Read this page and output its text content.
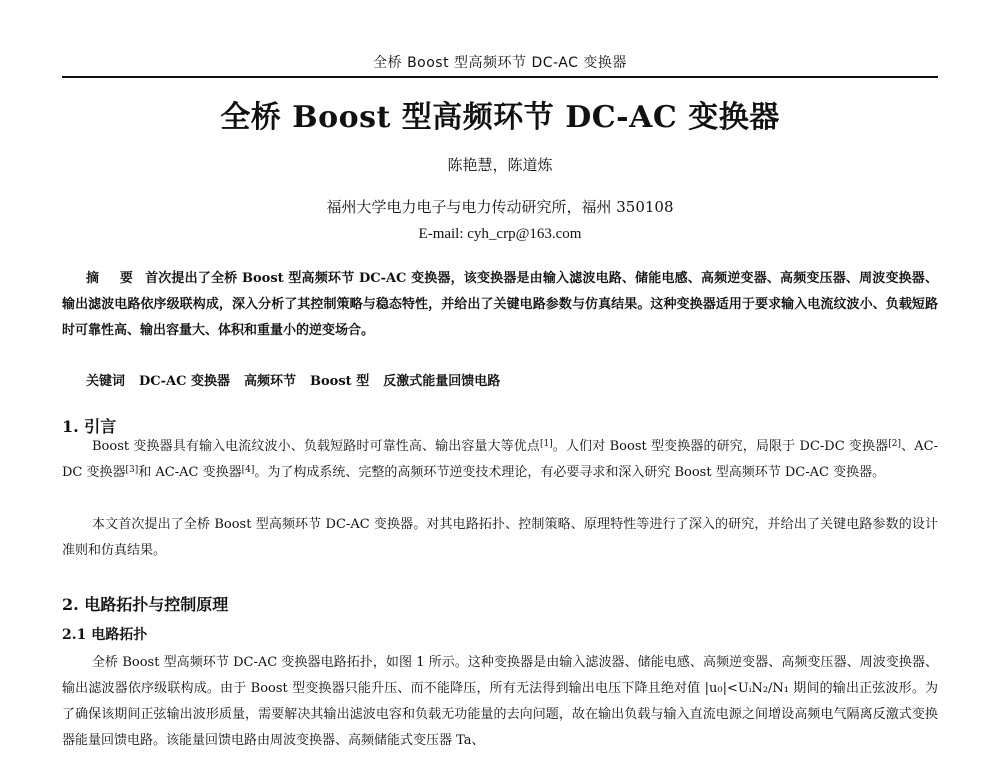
全桥 Boost 型高频环节 DC-AC 变换器
全桥 Boost 型高频环节 DC-AC 变换器
陈艳慧，陈道炼
福州大学电力电子与电力传动研究所，福州 350108
E-mail: cyh_crp@163.com
摘 要 首次提出了全桥 Boost 型高频环节 DC-AC 变换器，该变换器是由输入滤波电路、储能电感、高频逆变器、高频变压器、周波变换器、输出滤波电路依序级联构成，深入分析了其控制策略与稳态特性，并给出了关键电路参数与仿真结果。这种变换器适用于要求输入电流纹波小、负载短路时可靠性高、输出容量大、体积和重量小的逆变场合。
关键词 DC-AC 变换器 高频环节 Boost 型 反激式能量回馈电路
1. 引言
Boost 变换器具有输入电流纹波小、负载短路时可靠性高、输出容量大等优点[1]。人们对 Boost 型变换器的研究，局限于 DC-DC 变换器[2]、AC-DC 变换器[3]和 AC-AC 变换器[4]。为了构成系统、完整的高频环节逆变技术理论，有必要寻求和深入研究 Boost 型高频环节 DC-AC 变换器。
本文首次提出了全桥 Boost 型高频环节 DC-AC 变换器。对其电路拓扑、控制策略、原理特性等进行了深入的研究，并给出了关键电路参数的设计准则和仿真结果。
2. 电路拓扑与控制原理
2.1 电路拓扑
全桥 Boost 型高频环节 DC-AC 变换器电路拓扑，如图 1 所示。这种变换器是由输入滤波器、储能电感、高频逆变器、高频变压器、周波变换器、输出滤波器依序级联构成。由于 Boost 型变换器只能升压、而不能降压，所有无法得到输出电压下降且绝对值 |u₀|<UᵢN₂/N₁ 期间的输出正弦波形。为了确保该期间正弦输出波形质量，需要解决其输出滤波电容和负载无功能量的去向问题，故在输出负载与输入直流电源之间增设高频电气隔离反激式变换器能量回馈电路。该能量回馈电路由周波变换器、高频储能式变压器 Ta、
